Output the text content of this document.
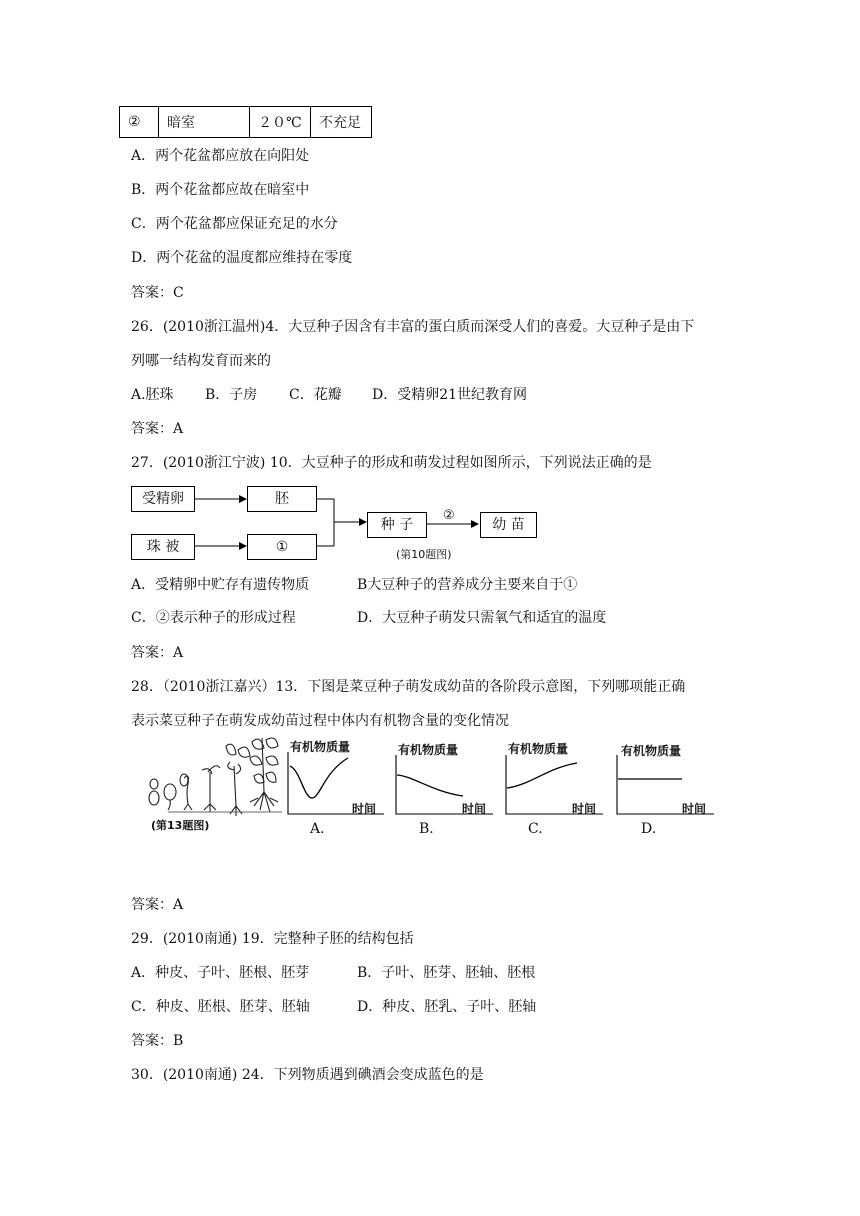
②	暗室	２０℃	不充足
A．两个花盆都应放在向阳处
B．两个花盆都应故在暗室中
C．两个花盆都应保证充足的水分
D．两个花盆的温度都应维持在零度
答案：C
26．(2010浙江温州)4．大豆种子因含有丰富的蛋白质而深受人们的喜爱。大豆种子是由下
列哪一结构发育而来的
A.胚珠 B．子房 C．花瓣 D．受精卵21世纪教育网
答案：A
27．(2010浙江宁波) 10．大豆种子的形成和萌发过程如图所示，下列说法正确的是
受精卵	胚
珠 被	①
种 子
②
幼 苗
(第10题图)
A．受精卵中贮存有遗传物质	B大豆种子的营养成分主要来自于①
C．②表示种子的形成过程	D．大豆种子萌发只需氧气和适宜的温度
答案：A
28．（2010浙江嘉兴）13．下图是菜豆种子萌发成幼苗的各阶段示意图，下列哪项能正确
表示菜豆种子在萌发成幼苗过程中体内有机物含量的变化情况
(第13题图)
有机物质量
时间
A.
有机物质量
时间
B.
有机物质量
时间
C.
有机物质量
时间
D.
答案：A
29．(2010南通) 19．完整种子胚的结构包括
A．种皮、子叶、胚根、胚芽	B．子叶、胚芽、胚轴、胚根
C．种皮、胚根、胚芽、胚轴	D．种皮、胚乳、子叶、胚轴
答案：B
30．(2010南通) 24．下列物质遇到碘酒会变成蓝色的是
